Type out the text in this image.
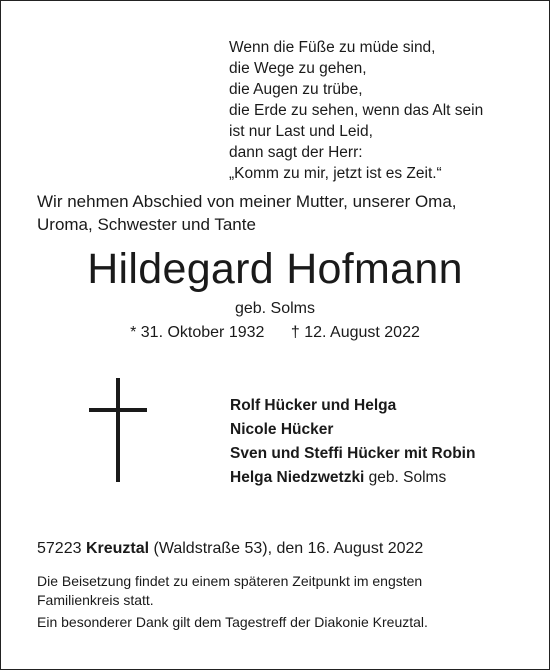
Wenn die Füße zu müde sind,
die Wege zu gehen,
die Augen zu trübe,
die Erde zu sehen, wenn das Alt sein
ist nur Last und Leid,
dann sagt der Herr:
„Komm zu mir, jetzt ist es Zeit.“
Wir nehmen Abschied von meiner Mutter, unserer Oma,
Uroma, Schwester und Tante
Hildegard Hofmann
geb. Solms
* 31. Oktober 1932 † 12. August 2022
Rolf Hücker und Helga
Nicole Hücker
Sven und Steffi Hücker mit Robin
Helga Niedzwetzki geb. Solms
57223 Kreuztal (Waldstraße 53), den 16. August 2022
Die Beisetzung findet zu einem späteren Zeitpunkt im engsten
Familienkreis statt.
Ein besonderer Dank gilt dem Tagestreff der Diakonie Kreuztal.
